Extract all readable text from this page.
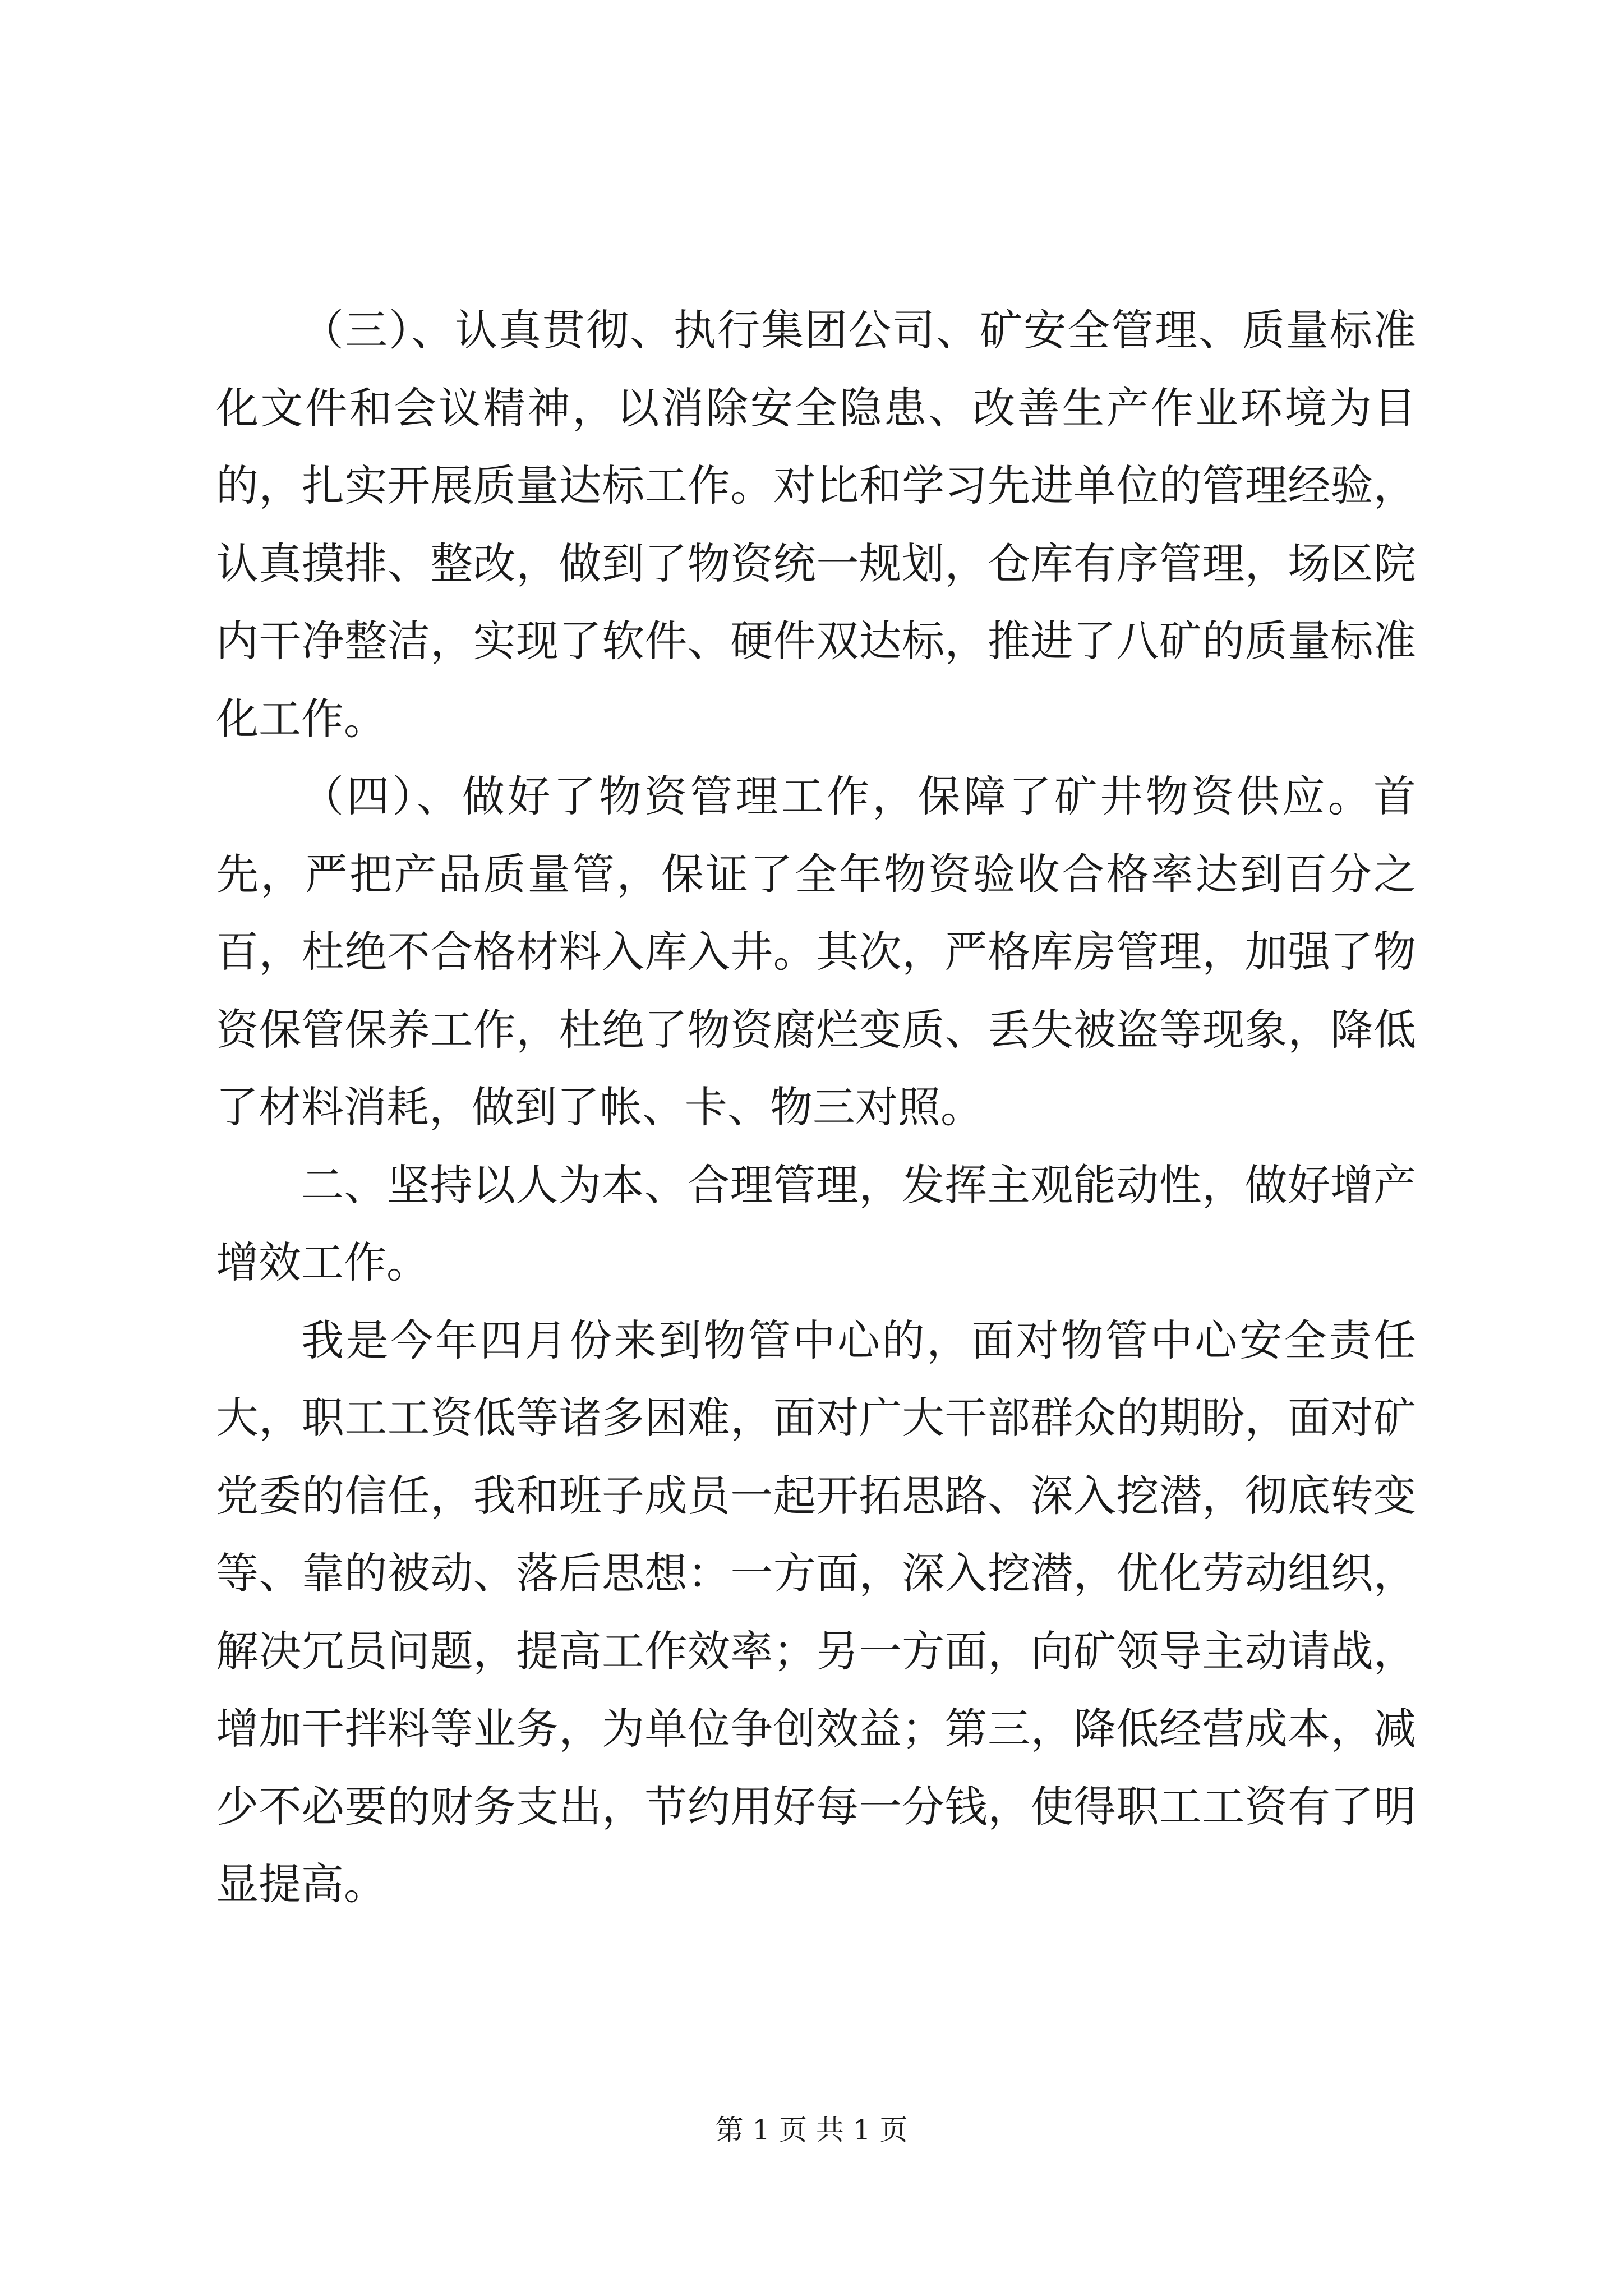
（三）、认真贯彻、执行集团公司、矿安全管理、质量标准化文件和会议精神，以消除安全隐患、改善生产作业环境为目的，扎实开展质量达标工作。对比和学习先进单位的管理经验，认真摸排、整改，做到了物资统一规划，仓库有序管理，场区院内干净整洁，实现了软件、硬件双达标，推进了八矿的质量标准化工作。

（四）、做好了物资管理工作，保障了矿井物资供应。首先，严把产品质量管，保证了全年物资验收合格率达到百分之百，杜绝不合格材料入库入井。其次，严格库房管理，加强了物资保管保养工作，杜绝了物资腐烂变质、丢失被盗等现象，降低了材料消耗，做到了帐、卡、物三对照。

二、坚持以人为本、合理管理，发挥主观能动性，做好增产增效工作。

我是今年四月份来到物管中心的，面对物管中心安全责任大，职工工资低等诸多困难，面对广大干部群众的期盼，面对矿党委的信任，我和班子成员一起开拓思路、深入挖潜，彻底转变等、靠的被动、落后思想：一方面，深入挖潜，优化劳动组织，解决冗员问题，提高工作效率；另一方面，向矿领导主动请战，增加干拌料等业务，为单位争创效益；第三，降低经营成本，减少不必要的财务支出，节约用好每一分钱，使得职工工资有了明显提高。

第 1 页 共 1 页
